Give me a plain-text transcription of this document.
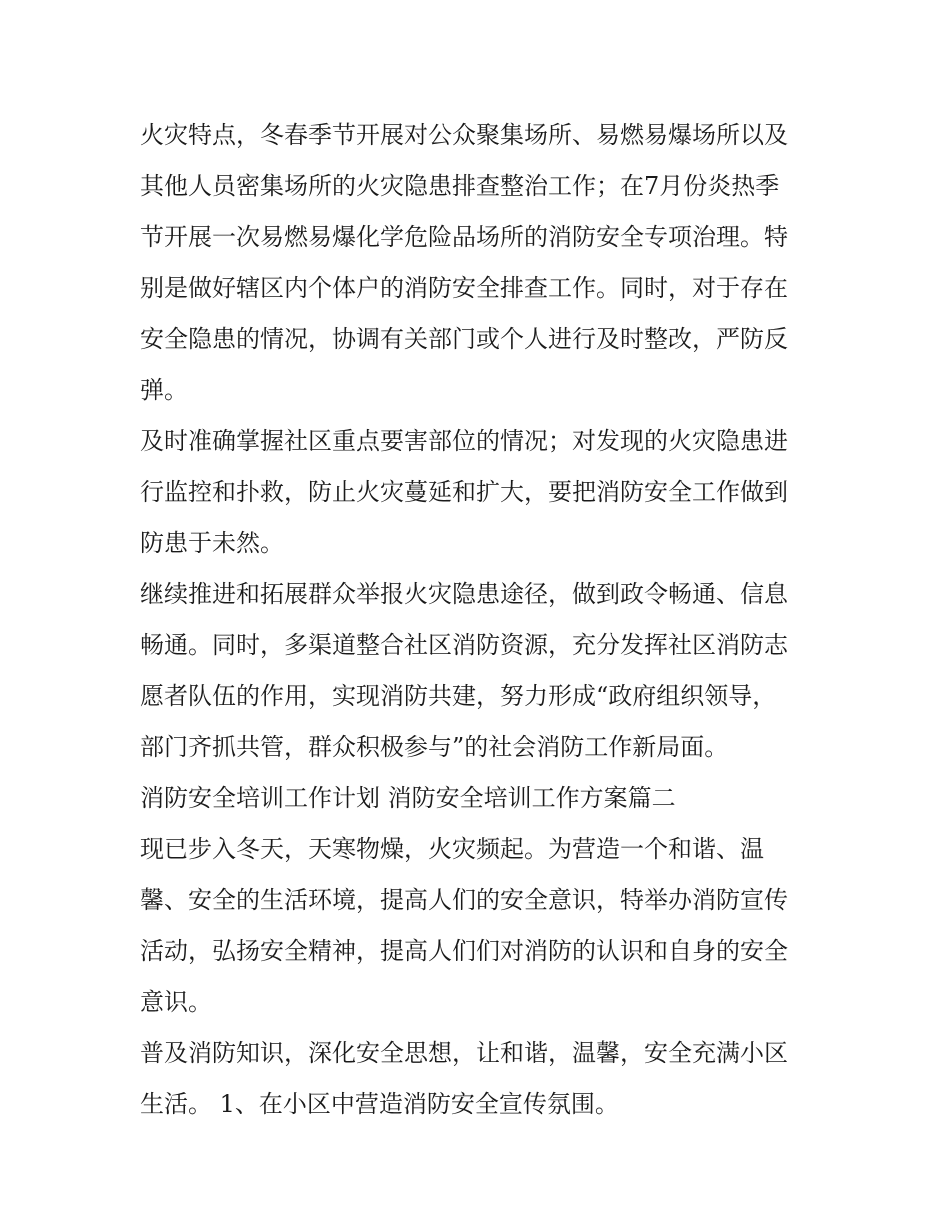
火灾特点，冬春季节开展对公众聚集场所、易燃易爆场所以及
其他人员密集场所的火灾隐患排查整治工作；在7月份炎热季
节开展一次易燃易爆化学危险品场所的消防安全专项治理。特
别是做好辖区内个体户的消防安全排查工作。同时，对于存在
安全隐患的情况，协调有关部门或个人进行及时整改，严防反
弹。
及时准确掌握社区重点要害部位的情况；对发现的火灾隐患进
行监控和扑救，防止火灾蔓延和扩大，要把消防安全工作做到
防患于未然。
继续推进和拓展群众举报火灾隐患途径，做到政令畅通、信息
畅通。同时，多渠道整合社区消防资源，充分发挥社区消防志
愿者队伍的作用，实现消防共建，努力形成“政府组织领导，
部门齐抓共管，群众积极参与”的社会消防工作新局面。
消防安全培训工作计划 消防安全培训工作方案篇二
现已步入冬天，天寒物燥，火灾频起。为营造一个和谐、温
馨、安全的生活环境，提高人们的安全意识，特举办消防宣传
活动，弘扬安全精神，提高人们们对消防的认识和自身的安全
意识。
普及消防知识，深化安全思想，让和谐，温馨，安全充满小区
生活。 1、在小区中营造消防安全宣传氛围。
